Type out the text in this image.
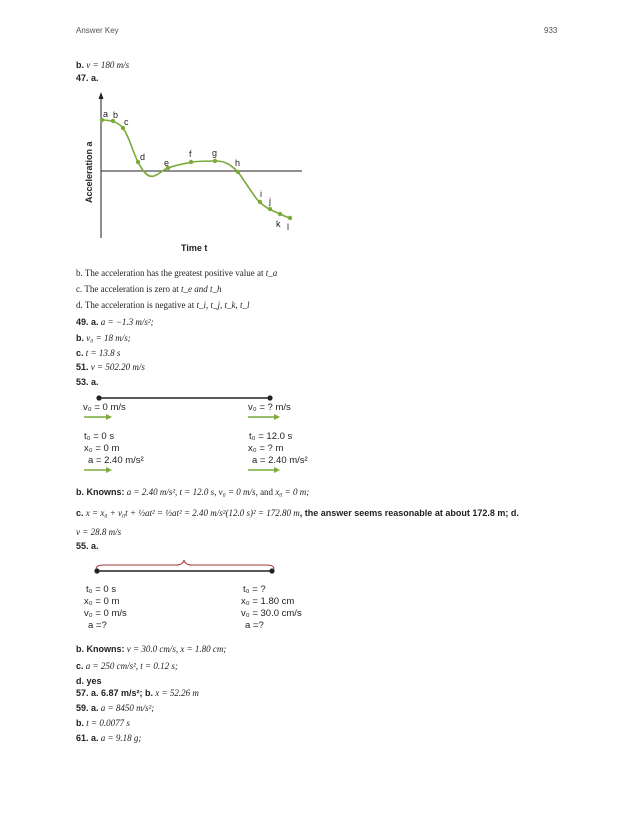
Answer Key	933
b. v = 180 m/s
47. a.
a b
c
d
e
f g
h
i
j
k l
Acceleration a
Time t
b. The acceleration has the greatest positive value at t_a
c. The acceleration is zero at t_e and t_h
d. The acceleration is negative at t_i, t_j, t_k, t_l
49. a. a = −1.3 m/s²;
b. v₀ = 18 m/s;
c. t = 13.8 s
51. v = 502.20 m/s
53. a.
v₀ = 0 m/s	v₀ = ? m/s
t₀ = 0 s
x₀ = 0 m
a = 2.40 m/s²
t₀ = 12.0 s
x₀ = ? m
a = 2.40 m/s²
b. Knowns: a = 2.40 m/s², t = 12.0 s, v₀ = 0 m/s, and x₀ = 0 m;
c. x = x₀ + v₀t + ½at² = ½at² = 2.40 m/s²(12.0 s)² = 172.80 m, the answer seems reasonable at about 172.8 m; d.
v = 28.8 m/s
55. a.
t₀ = 0 s
x₀ = 0 m
v₀ = 0 m/s
a =?
t₀ = ?
x₀ = 1.80 cm
v₀ = 30.0 cm/s
a =?
b. Knowns: v = 30.0 cm/s, x = 1.80 cm;
c. a = 250 cm/s², t = 0.12 s;
d. yes
57. a. 6.87 m/s²; b. x = 52.26 m
59. a. a = 8450 m/s²;
b. t = 0.0077 s
61. a. a = 9.18 g;
